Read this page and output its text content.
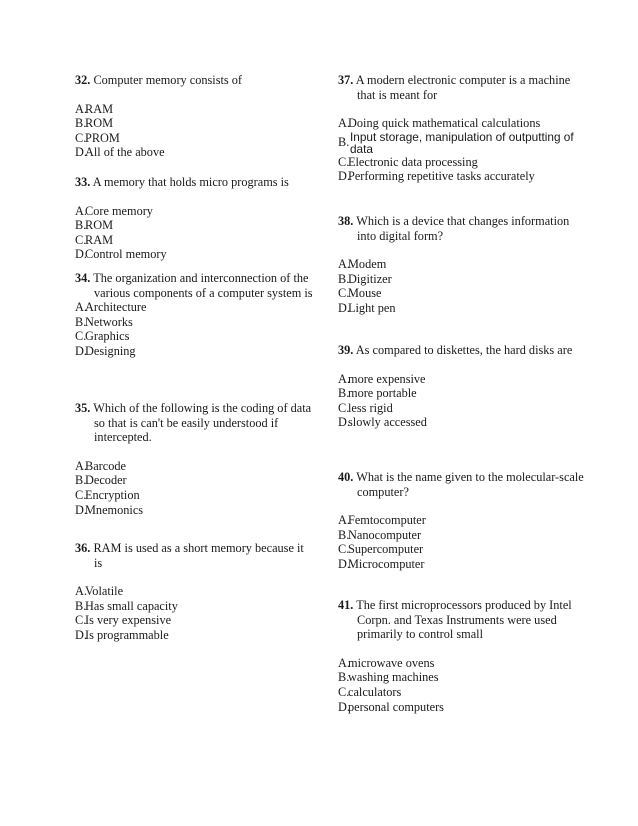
32. Computer memory consists of

A.
RAM
B.
ROM
C.
PROM
D.
All of the above

33. A memory that holds micro programs is

A.
Core memory
B.
ROM
C.
RAM
D.
Control memory

34. The organization and interconnection of the various components of a computer system is

A.
Architecture
B.
Networks
C.
Graphics
D.
Designing

35. Which of the following is the coding of data so that is can't be easily understood if intercepted.

A.
Barcode
B.
Decoder
C.
Encryption
D.
Mnemonics

36. RAM is used as a short memory because it is

A.
Volatile
B.
Has small capacity
C.
Is very expensive
D.
Is programmable

37. A modern electronic computer is a machine that is meant for

A.
Doing quick mathematical calculations
B. Input storage, manipulation of outputting of data
C.
Electronic data processing
D.
Performing repetitive tasks accurately

38. Which is a device that changes information into digital form?

A.
Modem
B.
Digitizer
C.
Mouse
D.
Light pen

39. As compared to diskettes, the hard disks are

A.
more expensive
B.
more portable
C.
less rigid
D.
slowly accessed

40. What is the name given to the molecular-scale computer?

A.
Femtocomputer
B.
Nanocomputer
C.
Supercomputer
D.
Microcomputer

41. The first microprocessors produced by Intel Corpn. and Texas Instruments were used primarily to control small

A.
microwave ovens
B.
washing machines
C.
calculators
D.
personal computers
